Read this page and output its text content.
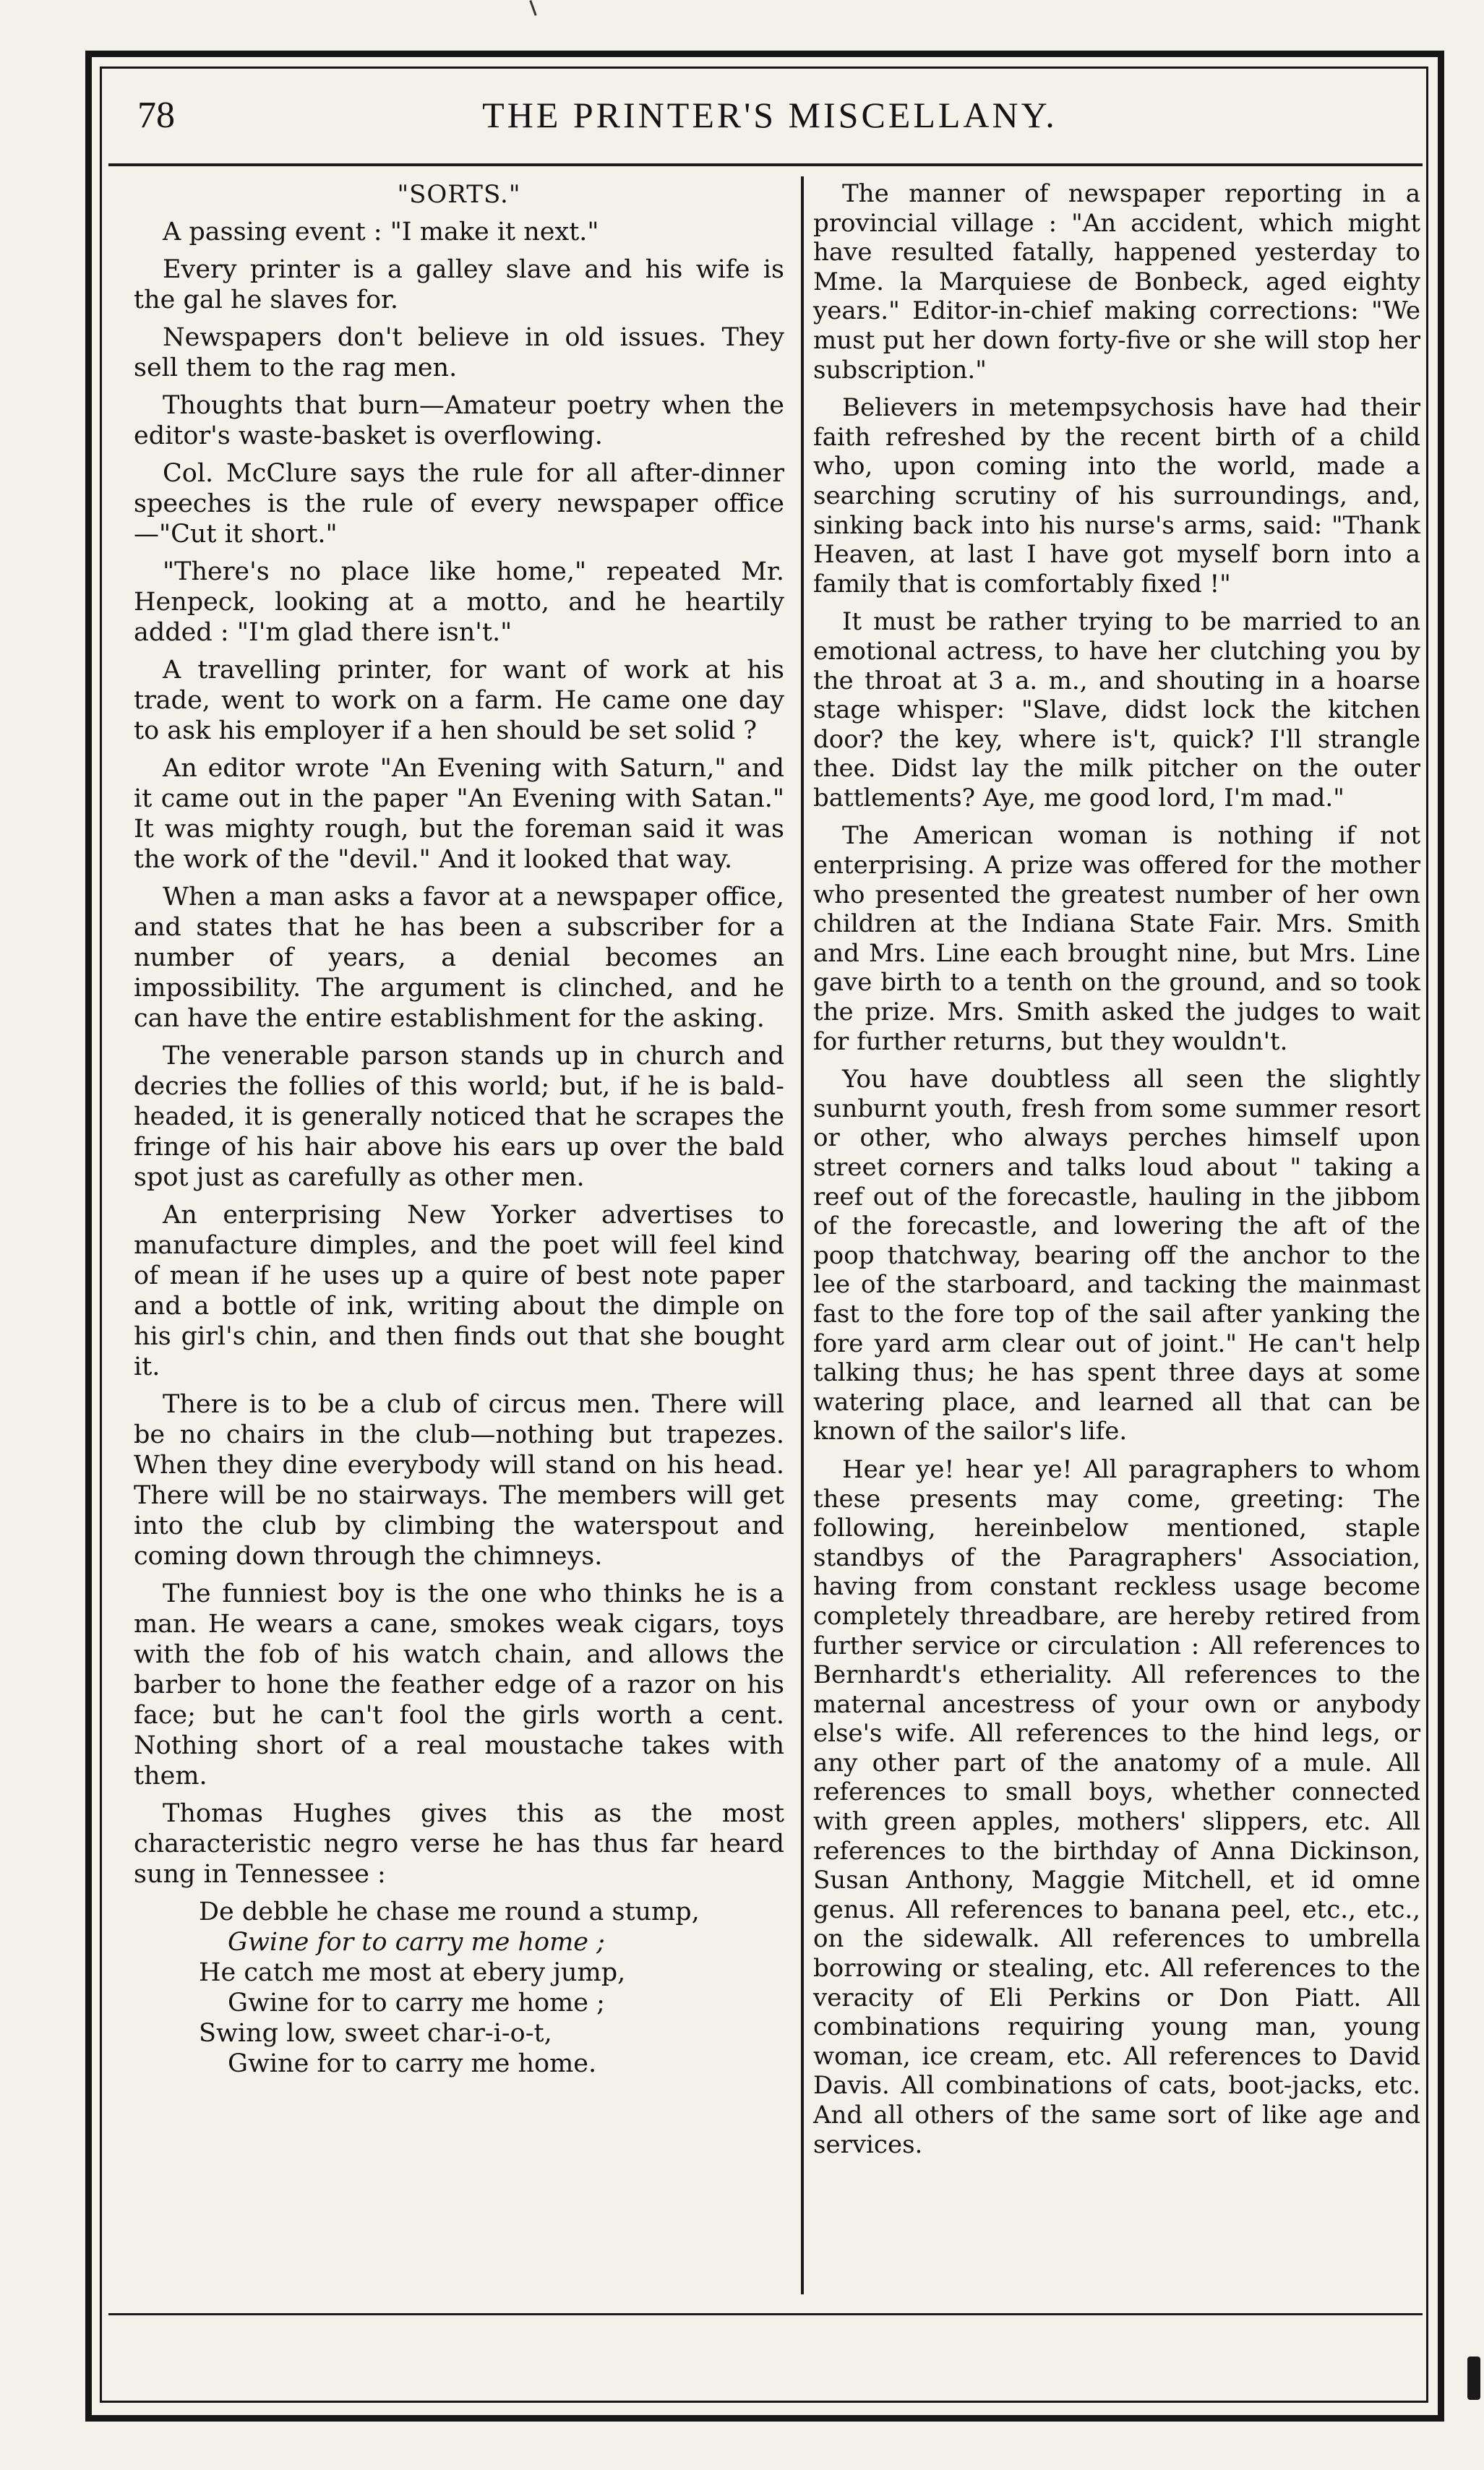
78	THE PRINTER'S MISCELLANY.

"SORTS."

A passing event : "I make it next."

Every printer is a galley slave and his wife is the gal he slaves for.

Newspapers don't believe in old issues. They sell them to the rag men.

Thoughts that burn—Amateur poetry when the editor's waste-basket is overflowing.

Col. McClure says the rule for all after-dinner speeches is the rule of every newspaper office—"Cut it short."

"There's no place like home," repeated Mr. Henpeck, looking at a motto, and he heartily added : "I'm glad there isn't."

A travelling printer, for want of work at his trade, went to work on a farm. He came one day to ask his employer if a hen should be set solid ?

An editor wrote "An Evening with Saturn," and it came out in the paper "An Evening with Satan." It was mighty rough, but the foreman said it was the work of the "devil." And it looked that way.

When a man asks a favor at a newspaper office, and states that he has been a subscriber for a number of years, a denial becomes an impossibility. The argument is clinched, and he can have the entire establishment for the asking.

The venerable parson stands up in church and decries the follies of this world; but, if he is bald-headed, it is generally noticed that he scrapes the fringe of his hair above his ears up over the bald spot just as carefully as other men.

An enterprising New Yorker advertises to manufacture dimples, and the poet will feel kind of mean if he uses up a quire of best note paper and a bottle of ink, writing about the dimple on his girl's chin, and then finds out that she bought it.

There is to be a club of circus men. There will be no chairs in the club—nothing but trapezes. When they dine everybody will stand on his head. There will be no stairways. The members will get into the club by climbing the waterspout and coming down through the chimneys.

The funniest boy is the one who thinks he is a man. He wears a cane, smokes weak cigars, toys with the fob of his watch chain, and allows the barber to hone the feather edge of a razor on his face; but he can't fool the girls worth a cent. Nothing short of a real moustache takes with them.

Thomas Hughes gives this as the most characteristic negro verse he has thus far heard sung in Tennessee :

De debble he chase me round a stump,
Gwine for to carry me home ;
He catch me most at ebery jump,
Gwine for to carry me home ;
Swing low, sweet char-i-o-t,
Gwine for to carry me home.

The manner of newspaper reporting in a provincial village : "An accident, which might have resulted fatally, happened yesterday to Mme. la Marquiese de Bonbeck, aged eighty years." Editor-in-chief making corrections: "We must put her down forty-five or she will stop her subscription."

Believers in metempsychosis have had their faith refreshed by the recent birth of a child who, upon coming into the world, made a searching scrutiny of his surroundings, and, sinking back into his nurse's arms, said: "Thank Heaven, at last I have got myself born into a family that is comfortably fixed !"

It must be rather trying to be married to an emotional actress, to have her clutching you by the throat at 3 a. m., and shouting in a hoarse stage whisper: "Slave, didst lock the kitchen door? the key, where is't, quick? I'll strangle thee. Didst lay the milk pitcher on the outer battlements? Aye, me good lord, I'm mad."

The American woman is nothing if not enterprising. A prize was offered for the mother who presented the greatest number of her own children at the Indiana State Fair. Mrs. Smith and Mrs. Line each brought nine, but Mrs. Line gave birth to a tenth on the ground, and so took the prize. Mrs. Smith asked the judges to wait for further returns, but they wouldn't.

You have doubtless all seen the slightly sunburnt youth, fresh from some summer resort or other, who always perches himself upon street corners and talks loud about " taking a reef out of the forecastle, hauling in the jibbom of the forecastle, and lowering the aft of the poop thatchway, bearing off the anchor to the lee of the starboard, and tacking the mainmast fast to the fore top of the sail after yanking the fore yard arm clear out of joint." He can't help talking thus; he has spent three days at some watering place, and learned all that can be known of the sailor's life.

Hear ye! hear ye! All paragraphers to whom these presents may come, greeting: The following, hereinbelow mentioned, staple standbys of the Paragraphers' Association, having from constant reckless usage become completely threadbare, are hereby retired from further service or circulation : All references to Bernhardt's etheriality. All references to the maternal ancestress of your own or anybody else's wife. All references to the hind legs, or any other part of the anatomy of a mule. All references to small boys, whether connected with green apples, mothers' slippers, etc. All references to the birthday of Anna Dickinson, Susan Anthony, Maggie Mitchell, et id omne genus. All references to banana peel, etc., etc., on the sidewalk. All references to umbrella borrowing or stealing, etc. All references to the veracity of Eli Perkins or Don Piatt. All combinations requiring young man, young woman, ice cream, etc. All references to David Davis. All combinations of cats, boot-jacks, etc. And all others of the same sort of like age and services.
